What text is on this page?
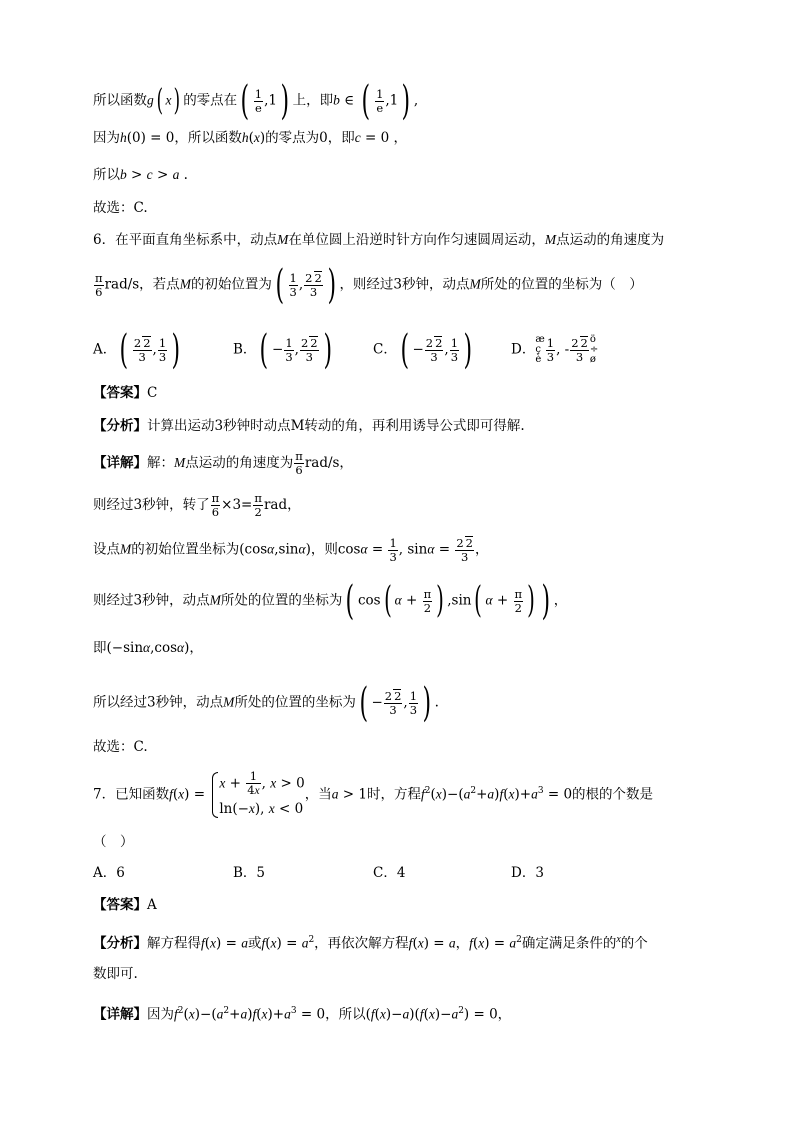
所以函数g( x) 的零点在( $\frac{1}{e} ,1$) 上，即b ∈ ( $\frac{1}{e} ,1$) ,
因为h(0) = 0，所以函数h(x)的零点为0，即c = 0 ，
所以b > c > a .
故选：C.
6．在平面直角坐标系中，动点M在单位圆上沿逆时针方向作匀速圆周运动，M点运动的角速度为
$\frac{\pi}{6} rad/s$，若点M的初始位置为( $\frac{1}{3}$ , $\frac{2 2}{3}$ ) ，则经过3秒钟，动点M所处的位置的坐标为（　）
A．( $\frac{2 2}{3}$ , $\frac{1}{3}$ )	B．( − $\frac{1}{3}$ , $\frac{2 2}{3}$ )	C．( − $\frac{2 2}{3}$ , $\frac{1}{3}$ )	D．æ
ç
è $\frac{1}{3}$ , - $\frac{2 2}{3}$ ö
÷
ø
【答案】C
【分析】计算出运动3秒钟时动点M转动的角，再利用诱导公式即可得解.
【详解】解：M点运动的角速度为 $\frac{\pi}{6} rad/s$，
则经过3秒钟，转了 $\frac{\pi}{6} \times 3= \frac{\pi}{2}$ rad，
设点M的初始位置坐标为(cosα,sinα)，则$\cos\alpha = \frac{1}{3}$ , $\sin\alpha = \frac{2 2}{3}$ ，
则经过3秒钟，动点M所处的位置的坐标为( cos( $\alpha + \frac{\pi}{2}$ ) ,sin( $\alpha + \frac{\pi}{2}$ ) ) ，
即(−sinα,cosα)，
所以经过3秒钟，动点M所处的位置的坐标为( − $\frac{2 2}{3}$ , $\frac{1}{3}$ ) .
故选：C.
7．已知函数f(x) =
$x + \frac{1}{4x}$ , x > 0
ln(−x), x < 0
，当a > 1时，方程$f^2(x)-(a^2+a)f(x)+a^3 = 0$的根的个数是
（　）
A．6	B．5	C．4	D．3
【答案】A
【分析】解方程得f(x) = a或$f(x) = a^2$，再依次解方程f(x) = a，$f(x) = a^2$确定满足条件的$^x$的个
数即可.
【详解】因为$f^2(x)-(a^2+a)f(x)+a^3 = 0$，所以$(f(x)-a)(f(x)-a^2) = 0$，
